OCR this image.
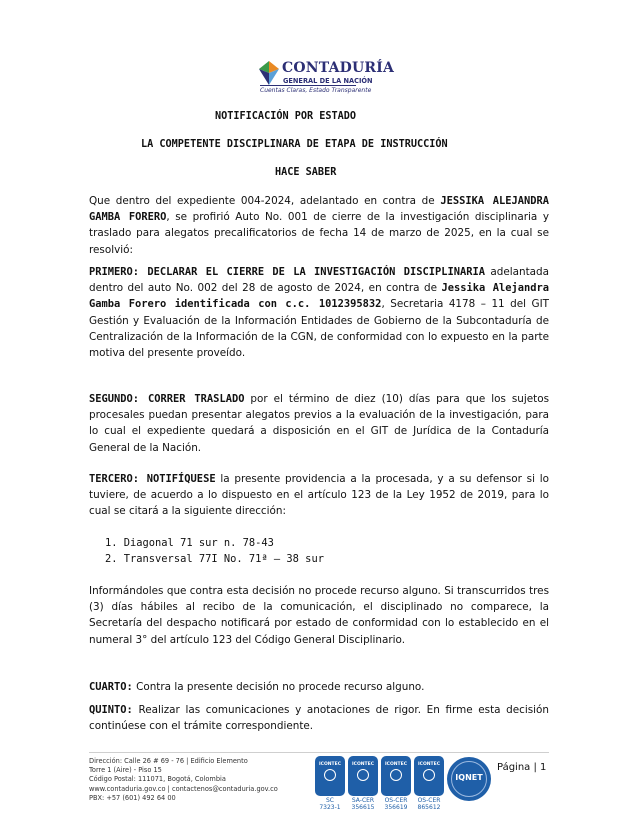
CONTADURÍA
GENERAL DE LA NACIÓN
Cuentas Claras, Estado Transparente
NOTIFICACIÓN POR ESTADO
LA COMPETENTE DISCIPLINARA DE ETAPA DE INSTRUCCIÓN
HACE SABER
Que dentro del expediente 004-2024, adelantado en contra de JESSIKA ALEJANDRA GAMBA FORERO, se profirió Auto No. 001 de cierre de la investigación disciplinaria y traslado para alegatos precalificatorios de fecha 14 de marzo de 2025, en la cual se resolvió:
PRIMERO: DECLARAR EL CIERRE DE LA INVESTIGACIÓN DISCIPLINARIA adelantada dentro del auto No. 002 del 28 de agosto de 2024, en contra de Jessika Alejandra Gamba Forero identificada con c.c. 1012395832, Secretaria 4178 – 11 del GIT Gestión y Evaluación de la Información Entidades de Gobierno de la Subcontaduría de Centralización de la Información de la CGN, de conformidad con lo expuesto en la parte motiva del presente proveído.
SEGUNDO: CORRER TRASLADO por el término de diez (10) días para que los sujetos procesales puedan presentar alegatos previos a la evaluación de la investigación, para lo cual el expediente quedará a disposición en el GIT de Jurídica de la Contaduría General de la Nación.
TERCERO: NOTIFÍQUESE la presente providencia a la procesada, y a su defensor si lo tuviere, de acuerdo a lo dispuesto en el artículo 123 de la Ley 1952 de 2019, para lo cual se citará a la siguiente dirección:
1. Diagonal 71 sur n. 78-43
2. Transversal 77I No. 71ª – 38 sur
Informándoles que contra esta decisión no procede recurso alguno. Si transcurridos tres (3) días hábiles al recibo de la comunicación, el disciplinado no comparece, la Secretaría del despacho notificará por estado de conformidad con lo establecido en el numeral 3° del artículo 123 del Código General Disciplinario.
CUARTO: Contra la presente decisión no procede recurso alguno.
QUINTO: Realizar las comunicaciones y anotaciones de rigor. En firme esta decisión continúese con el trámite correspondiente.
Dirección: Calle 26 # 69 - 76 | Edificio Elemento
Torre 1 (Aire) - Piso 15
Código Postal: 111071, Bogotá, Colombia
www.contaduria.gov.co | contactenos@contaduria.gov.co
PBX: +57 (601) 492 64 00
ICONTEC
SC
7323-1
ICONTEC
SA-CER
356615
ICONTEC
OS-CER
356619
ICONTEC
OS-CER
865612
IQNET
Página | 1
